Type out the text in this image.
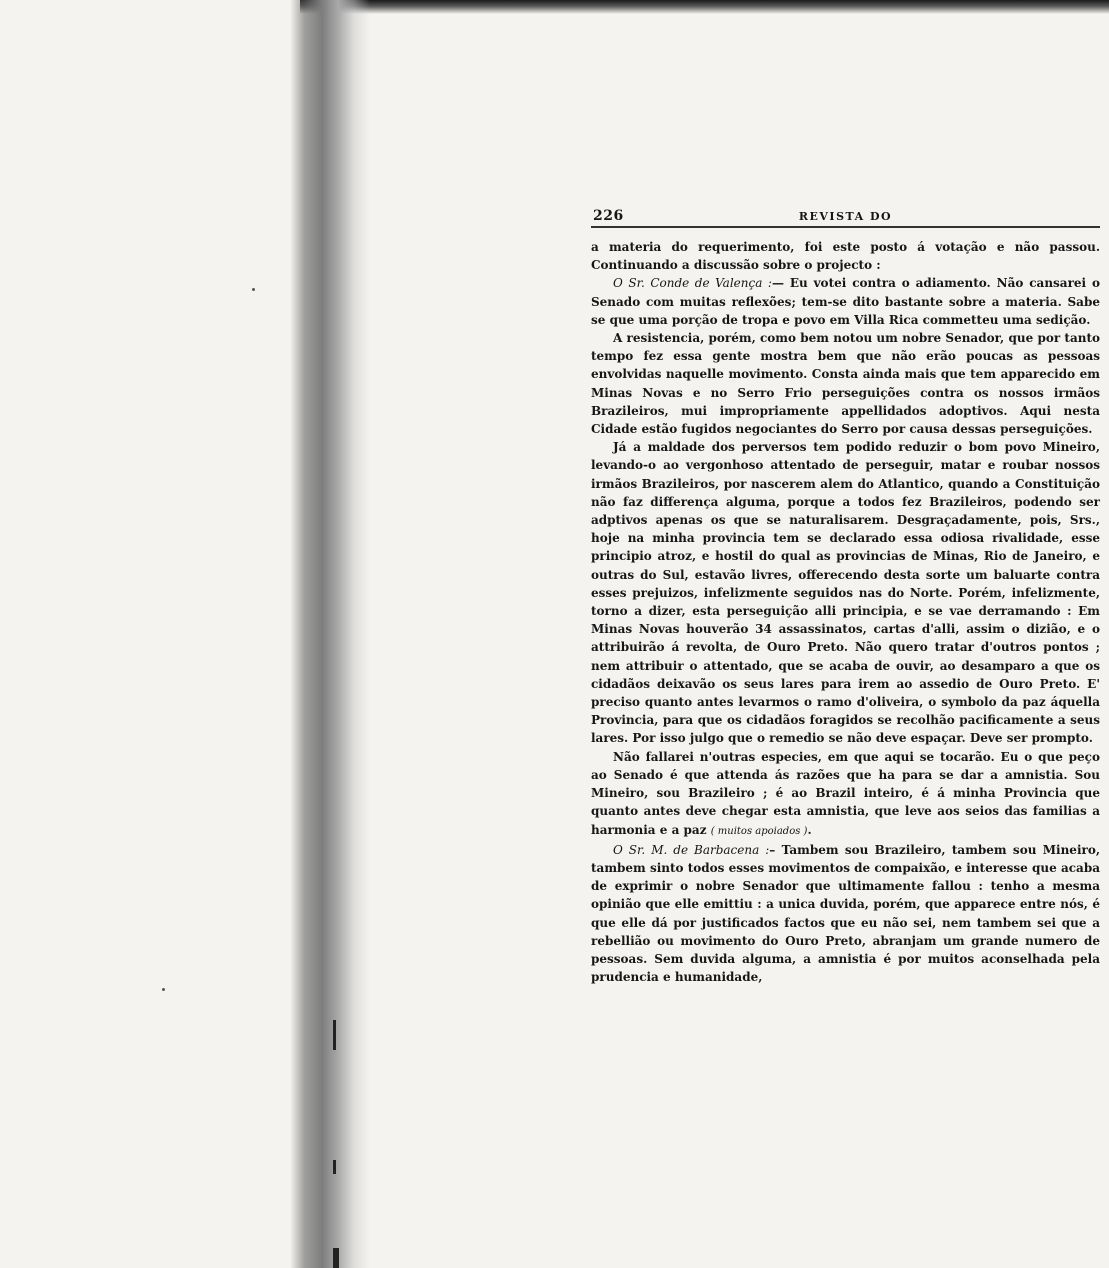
226	REVISTA DO

a materia do requerimento, foi este posto á votação e não passou. Continuando a discussão sobre o projecto :

O Sr. Conde de Valença :— Eu votei contra o adiamento. Não cansarei o Senado com muitas reflexões; tem-se dito bastante sobre a materia. Sabe se que uma porção de tropa e povo em Villa Rica commetteu uma sedição.

A resistencia, porém, como bem notou um nobre Senador, que por tanto tempo fez essa gente mostra bem que não erão poucas as pessoas envolvidas naquelle movimento. Consta ainda mais que tem apparecido em Minas Novas e no Serro Frio perseguições contra os nossos irmãos Brazileiros, mui impropriamente appellidados adoptivos. Aqui nesta Cidade estão fugidos negociantes do Serro por causa dessas perseguições.

Já a maldade dos perversos tem podido reduzir o bom povo Mineiro, levando-o ao vergonhoso attentado de perseguir, matar e roubar nossos irmãos Brazileiros, por nascerem alem do Atlantico, quando a Constituição não faz differença alguma, porque a todos fez Brazileiros, podendo ser adptivos apenas os que se naturalisarem. Desgraçadamente, pois, Srs., hoje na minha provincia tem se declarado essa odiosa rivalidade, esse principio atroz, e hostil do qual as provincias de Minas, Rio de Janeiro, e outras do Sul, estavão livres, offerecendo desta sorte um baluarte contra esses prejuizos, infelizmente seguidos nas do Norte. Porém, infelizmente, torno a dizer, esta perseguição alli principia, e se vae derramando : Em Minas Novas houverão 34 assassinatos, cartas d'alli, assim o dizião, e o attribuirão á revolta, de Ouro Preto. Não quero tratar d'outros pontos ; nem attribuir o attentado, que se acaba de ouvir, ao desamparo a que os cidadãos deixavão os seus lares para irem ao assedio de Ouro Preto. E' preciso quanto antes levarmos o ramo d'oliveira, o symbolo da paz áquella Provincia, para que os cidadãos foragidos se recolhão pacificamente a seus lares. Por isso julgo que o remedio se não deve espaçar. Deve ser prompto.

Não fallarei n'outras especies, em que aqui se tocarão. Eu o que peço ao Senado é que attenda ás razões que ha para se dar a amnistia. Sou Mineiro, sou Brazileiro ; é ao Brazil inteiro, é á minha Provincia que quanto antes deve chegar esta amnistia, que leve aos seios das familias a harmonia e a paz ( muitos apoiados ).

O Sr. M. de Barbacena :– Tambem sou Brazileiro, tambem sou Mineiro, tambem sinto todos esses movimentos de compaixão, e interesse que acaba de exprimir o nobre Senador que ultimamente fallou : tenho a mesma opinião que elle emittiu : a unica duvida, porém, que apparece entre nós, é que elle dá por justificados factos que eu não sei, nem tambem sei que a rebellião ou movimento do Ouro Preto, abranjam um grande numero de pessoas. Sem duvida alguma, a amnistia é por muitos aconselhada pela prudencia e humanidade,
